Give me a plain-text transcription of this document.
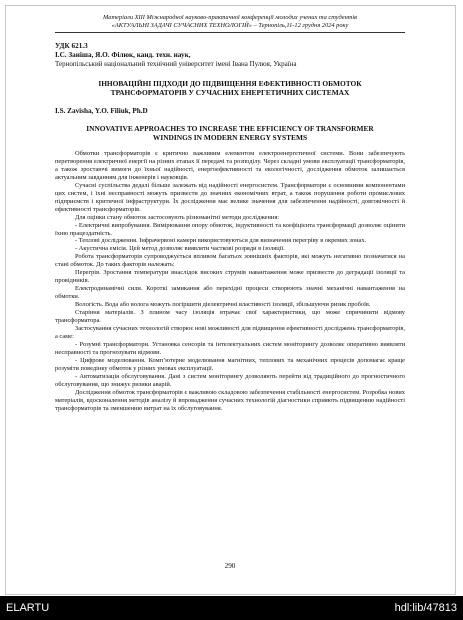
Матеріали XIII Міжнародної науково-практичної конференції молодих учених та студентів
«АКТУАЛЬНІ ЗАДАЧІ СУЧАСНИХ ТЕХНОЛОГІЙ» – Тернопіль,11-12 грудня 2024 року
УДК 621.3
І.С. Заніша, Я.О. Філюк, канд. техн. наук,
Тернопільський національний технічний університет імені Івана Пулюя, Україна
ІННОВАЦІЙНІ ПІДХОДИ ДО ПІДВИЩЕННЯ ЕФЕКТИВНОСТІ ОБМОТОК ТРАНСФОРМАТОРІВ У СУЧАСНИХ ЕНЕРГЕТИЧНИХ СИСТЕМАХ
I.S. Zavisha, Y.O. Filiuk, Ph.D
INNOVATIVE APPROACHES TO INCREASE THE EFFICIENCY OF TRANSFORMER WINDINGS IN MODERN ENERGY SYSTEMS

Обмотки трансформаторів є критично важливим елементом електроенергетичної системи. Вони забезпечують перетворення електричної енергії на різних етапах її передачі та розподілу. Через складні умови експлуатації трансформаторів, а також зростаючі вимоги до їхньої надійності, енергоефективності та екологічності, дослідження обмоток залишається актуальним завданням для інженерів і науковців.

Сучасні суспільства дедалі більше залежать від надійності енергосистем. Трансформатори є основними компонентами цих систем, і їхні несправності можуть призвести до значних економічних втрат, а також порушення роботи промислових підприємств і критичної інфраструктури. Їх дослідження має велике значення для забезпечення надійності, довговічності й ефективності трансформаторів.

Для оцінки стану обмоток застосовують різноманітні методи дослідження:

- Електричні випробування. Вимірювання опору обмоток, індуктивності та коефіцієнта трансформації дозволяє оцінити їхню працездатність.

- Теплові дослідження. Інфрачервоні камери використовуються для визначення перегріву в окремих зонах.

- Акустична емісія. Цей метод дозволяє виявляти часткові розряди в ізоляції.

Робота трансформаторів супроводжується впливом багатьох зовнішніх факторів, які можуть негативно позначатися на стані обмоток. До таких факторів належать:

Перегрів. Зростання температури внаслідок високих струмів навантаження може призвести до деградації ізоляції та провідників.

Електродинамічні сили. Короткі замикання або перехідні процеси створюють значні механічні навантаження на обмотки.

Вологість. Вода або волога можуть погіршити діелектричні властивості ізоляції, збільшуючи ризик пробоїв.

Старіння матеріалів. З плином часу ізоляція втрачає свої характеристики, що може спричинити відмову трансформатора.

Застосування сучасних технологій створює нові можливості для підвищення ефективності досліджень трансформаторів, а саме:

- Розумні трансформатори. Установка сенсорів та інтелектуальних систем моніторингу дозволяє оперативно виявляти несправності та прогнозувати відмови.

- Цифрове моделювання. Комп’ютерне моделювання магнітних, теплових та механічних процесів допомагає краще розуміти поведінку обмоток у різних умовах експлуатації.

- Автоматизація обслуговування. Дані з систем моніторингу дозволяють перейти від традиційного до прогностичного обслуговування, що знижує ризики аварій.

Дослідження обмоток трансформаторів є важливою складовою забезпечення стабільності енергосистем. Розробка нових матеріалів, вдосконалення методів аналізу й впровадження сучасних технологій діагностики сприяють підвищенню надійності трансформаторів та зменшенню витрат на їх обслуговування.

290
ELARTU	hdl:lib/47813
